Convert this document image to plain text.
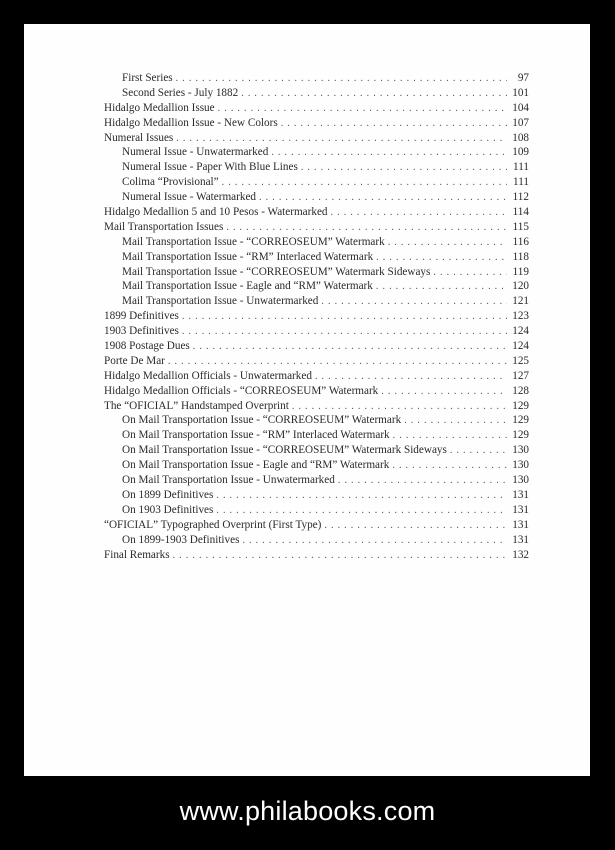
First Series . . .	97
Second Series - July 1882 . . .	101
Hidalgo Medallion Issue . . .	104
Hidalgo Medallion Issue - New Colors . . .	107
Numeral Issues . . .	108
Numeral Issue - Unwatermarked . . .	109
Numeral Issue - Paper With Blue Lines . . .	111
Colima “Provisional” . . .	111
Numeral Issue - Watermarked . . .	112
Hidalgo Medallion 5 and 10 Pesos - Watermarked . . .	114
Mail Transportation Issues . . .	115
Mail Transportation Issue - “CORREOSEUM” Watermark . . .	116
Mail Transportation Issue - “RM” Interlaced Watermark . . .	118
Mail Transportation Issue - “CORREOSEUM” Watermark Sideways . . .	119
Mail Transportation Issue - Eagle and “RM” Watermark . . .	120
Mail Transportation Issue - Unwatermarked . . .	121
1899 Definitives . . .	123
1903 Definitives . . .	124
1908 Postage Dues . . .	124
Porte De Mar . . .	125
Hidalgo Medallion Officials - Unwatermarked . . .	127
Hidalgo Medallion Officials - “CORREOSEUM” Watermark . . .	128
The “OFICIAL” Handstamped Overprint . . .	129
On Mail Transportation Issue - “CORREOSEUM” Watermark . . .	129
On Mail Transportation Issue - “RM” Interlaced Watermark . . .	129
On Mail Transportation Issue - “CORREOSEUM” Watermark Sideways . . .	130
On Mail Transportation Issue - Eagle and “RM” Watermark . . .	130
On Mail Transportation Issue - Unwatermarked . . .	130
On 1899 Definitives . . .	131
On 1903 Definitives . . .	131
“OFICIAL” Typographed Overprint (First Type) . . .	131
On 1899-1903 Definitives . . .	131
Final Remarks . . .	132
www.philabooks.com
